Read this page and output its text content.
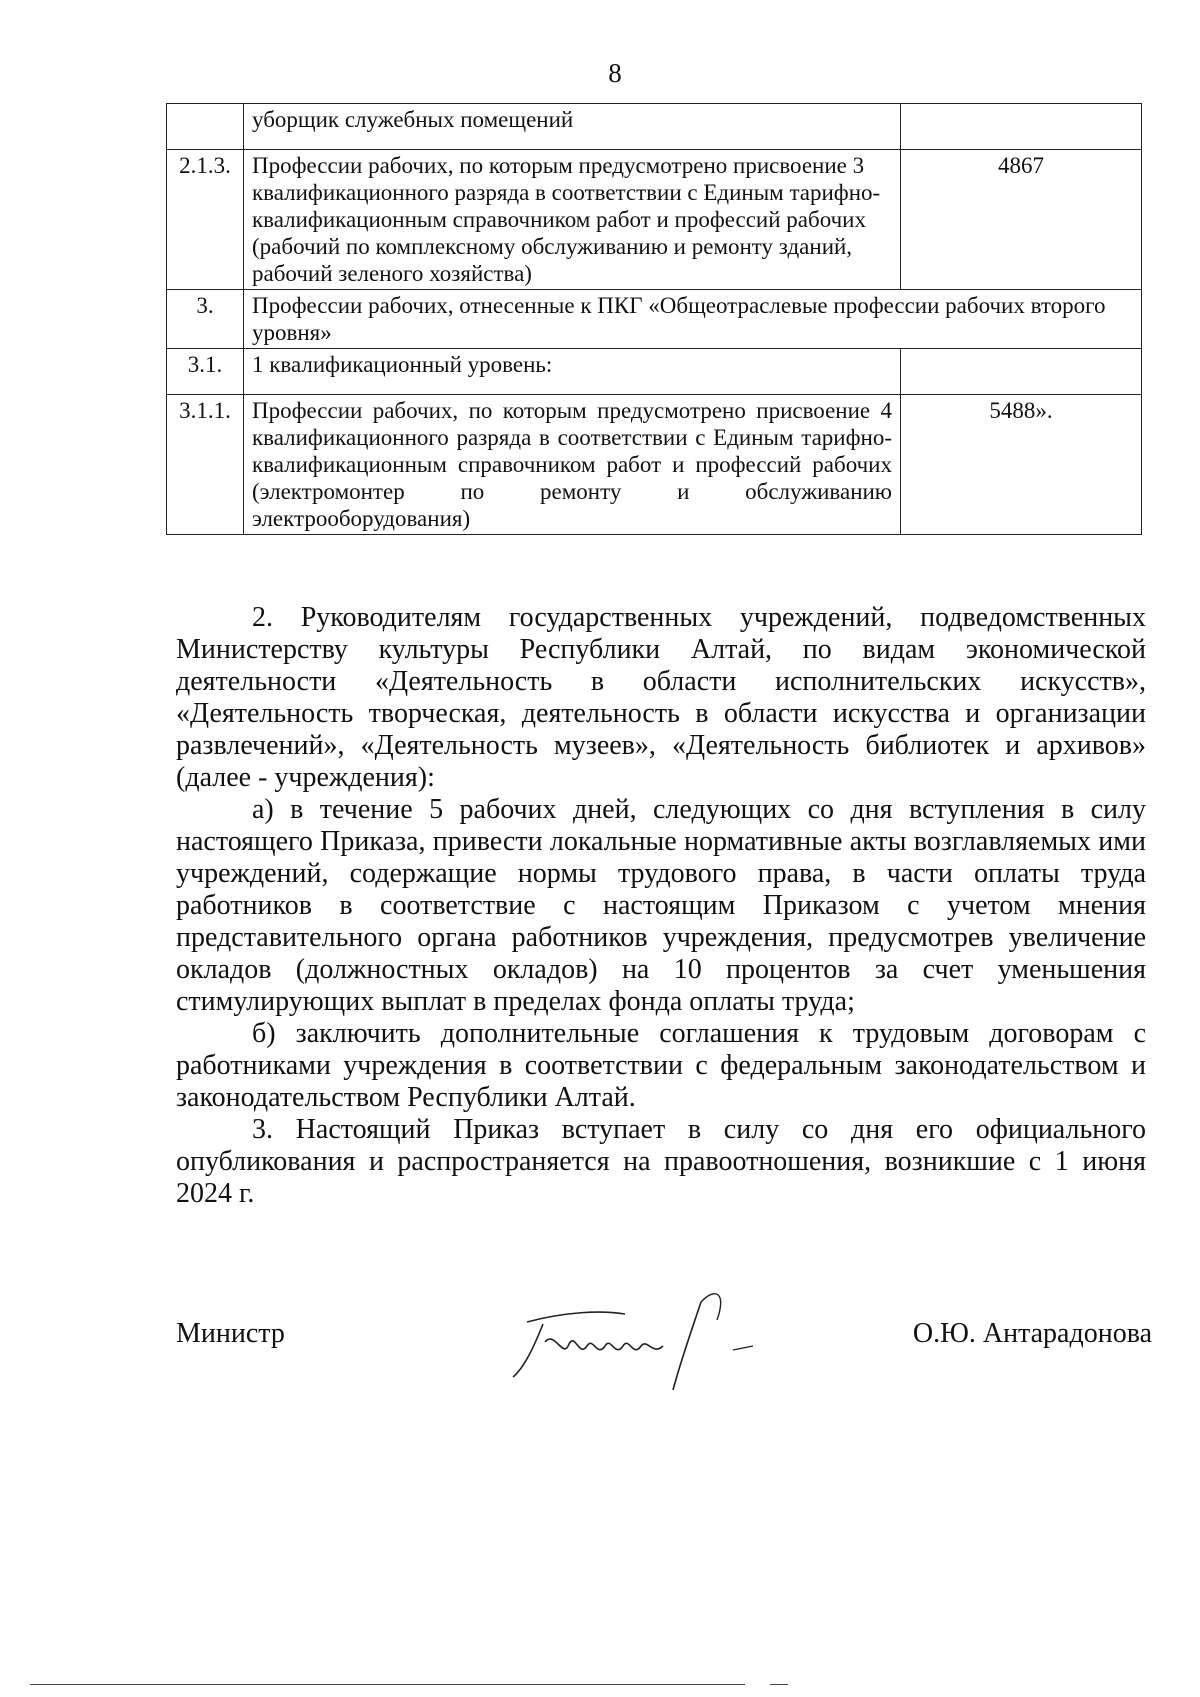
8
	уборщик служебных помещений	
2.1.3.	Профессии рабочих, по которым предусмотрено присвоение 3 квалификационного разряда в соответствии с Единым тарифно-квалификационным справочником работ и профессий рабочих (рабочий по комплексному обслуживанию и ремонту зданий, рабочий зеленого хозяйства)	4867
3.	Профессии рабочих, отнесенные к ПКГ «Общеотраслевые профессии рабочих второго уровня»	
3.1.	1 квалификационный уровень:	
3.1.1.	Профессии рабочих, по которым предусмотрено присвоение 4 квалификационного разряда в соответствии с Единым тарифно-квалификационным справочником работ и профессий рабочих (электромонтер по ремонту и обслуживанию электрооборудования)	5488».

2. Руководителям государственных учреждений, подведомственных Министерству культуры Республики Алтай, по видам экономической деятельности «Деятельность в области исполнительских искусств», «Деятельность творческая, деятельность в области искусства и организации развлечений», «Деятельность музеев», «Деятельность библиотек и архивов» (далее - учреждения):

а) в течение 5 рабочих дней, следующих со дня вступления в силу настоящего Приказа, привести локальные нормативные акты возглавляемых ими учреждений, содержащие нормы трудового права, в части оплаты труда работников в соответствие с настоящим Приказом с учетом мнения представительного органа работников учреждения, предусмотрев увеличение окладов (должностных окладов) на 10 процентов за счет уменьшения стимулирующих выплат в пределах фонда оплаты труда;

б) заключить дополнительные соглашения к трудовым договорам с работниками учреждения в соответствии с федеральным законодательством и законодательством Республики Алтай.

3. Настоящий Приказ вступает в силу со дня его официального опубликования и распространяется на правоотношения, возникшие с 1 июня 2024 г.

Министр	О.Ю. Антарадонова
